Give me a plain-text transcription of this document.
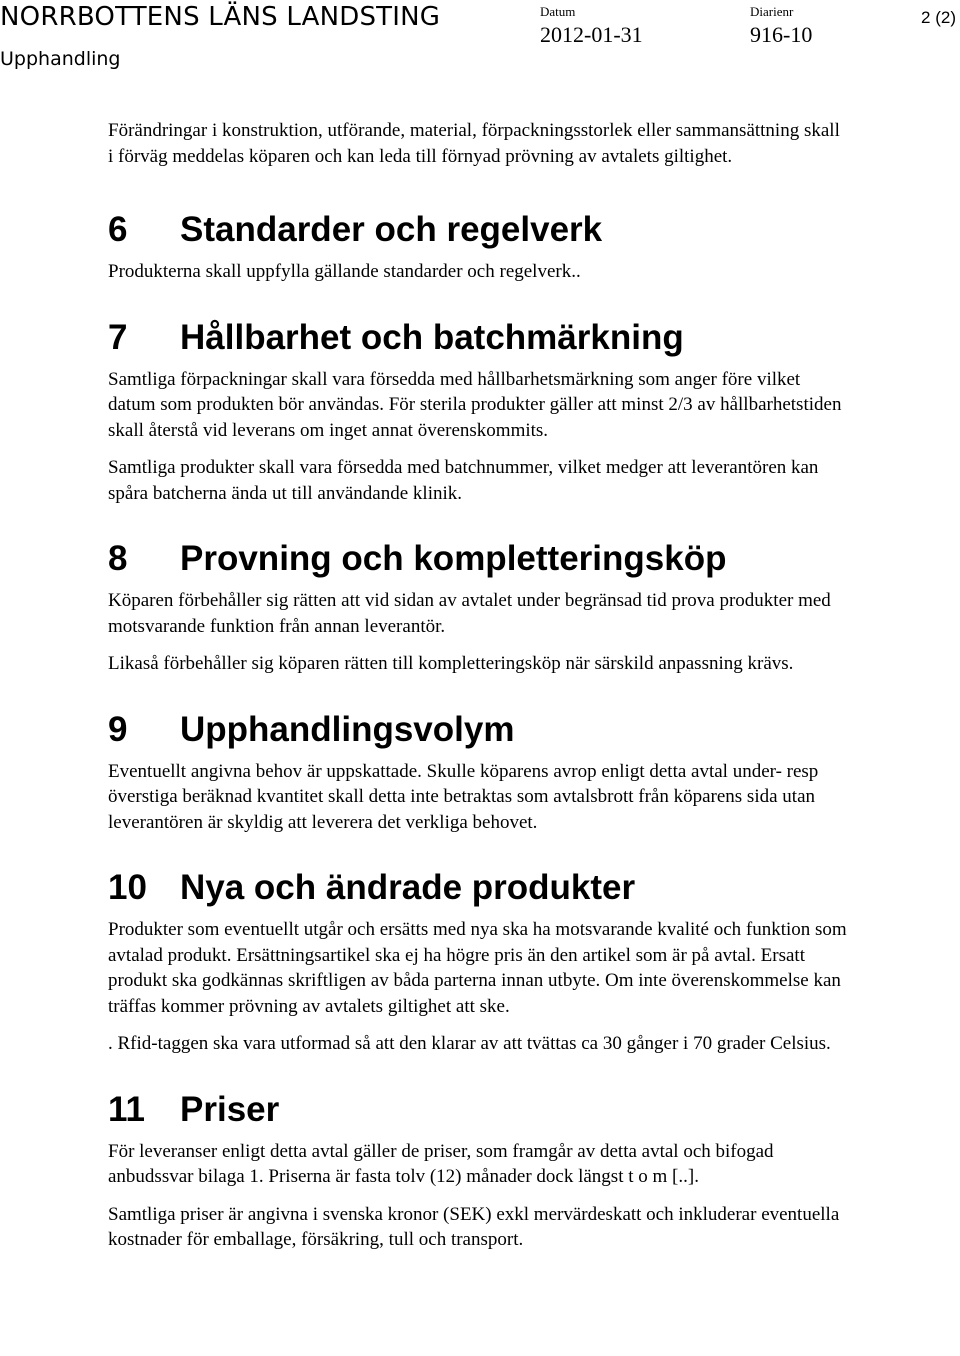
NORRBOTTENS LÄNS LANDSTING
Upphandling
Datum
2012-01-31
Diarienr
916-10
2 (2)

Förändringar i konstruktion, utförande, material, förpackningsstorlek eller sammansättning skall i förväg meddelas köparen och kan leda till förnyad prövning av avtalets giltighet.

6 Standarder och regelverk

Produkterna skall uppfylla gällande standarder och regelverk..

7 Hållbarhet och batchmärkning

Samtliga förpackningar skall vara försedda med hållbarhetsmärkning som anger före vilket datum som produkten bör användas. För sterila produkter gäller att minst 2/3 av hållbarhetstiden skall återstå vid leverans om inget annat överenskommits.

Samtliga produkter skall vara försedda med batchnummer, vilket medger att leverantören kan spåra batcherna ända ut till användande klinik.

8 Provning och kompletteringsköp

Köparen förbehåller sig rätten att vid sidan av avtalet under begränsad tid prova produkter med motsvarande funktion från annan leverantör.

Likaså förbehåller sig köparen rätten till kompletteringsköp när särskild anpassning krävs.

9 Upphandlingsvolym

Eventuellt angivna behov är uppskattade. Skulle köparens avrop enligt detta avtal under- resp överstiga beräknad kvantitet skall detta inte betraktas som avtalsbrott från köparens sida utan leverantören är skyldig att leverera det verkliga behovet.

10 Nya och ändrade produkter

Produkter som eventuellt utgår och ersätts med nya ska ha motsvarande kvalité och funktion som avtalad produkt. Ersättningsartikel ska ej ha högre pris än den artikel som är på avtal. Ersatt produkt ska godkännas skriftligen av båda parterna innan utbyte. Om inte överenskommelse kan träffas kommer prövning av avtalets giltighet att ske.

. Rfid-taggen ska vara utformad så att den klarar av att tvättas ca 30 gånger i 70 grader Celsius.

11 Priser

För leveranser enligt detta avtal gäller de priser, som framgår av detta avtal och bifogad anbudssvar bilaga 1. Priserna är fasta tolv (12) månader dock längst t o m [..].

Samtliga priser är angivna i svenska kronor (SEK) exkl mervärdeskatt och inkluderar eventuella kostnader för emballage, försäkring, tull och transport.
